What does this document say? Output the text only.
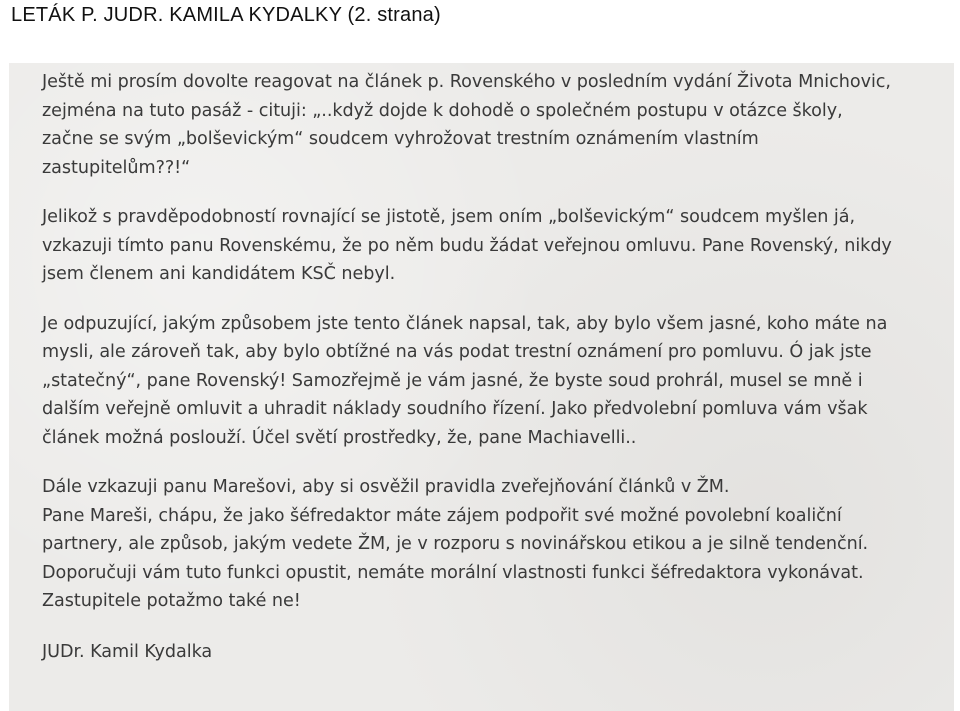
LETÁK P. JUDR. KAMILA KYDALKY (2. strana)

Ještě mi prosím dovolte reagovat na článek p. Rovenského v posledním vydání Života Mnichovic,
zejména na tuto pasáž - cituji: „..když dojde k dohodě o společném postupu v otázce školy,
začne se svým „bolševickým“ soudcem vyhrožovat trestním oznámením vlastním
zastupitelům??!“

Jelikož s pravděpodobností rovnající se jistotě, jsem oním „bolševickým“ soudcem myšlen já,
vzkazuji tímto panu Rovenskému, že po něm budu žádat veřejnou omluvu. Pane Rovenský, nikdy
jsem členem ani kandidátem KSČ nebyl.

Je odpuzující, jakým způsobem jste tento článek napsal, tak, aby bylo všem jasné, koho máte na
mysli, ale zároveň tak, aby bylo obtížné na vás podat trestní oznámení pro pomluvu. Ó jak jste
„statečný“, pane Rovenský! Samozřejmě je vám jasné, že byste soud prohrál, musel se mně i
dalším veřejně omluvit a uhradit náklady soudního řízení. Jako předvolební pomluva vám však
článek možná poslouží. Účel světí prostředky, že, pane Machiavelli..

Dále vzkazuji panu Marešovi, aby si osvěžil pravidla zveřejňování článků v ŽM.
Pane Mareši, chápu, že jako šéfredaktor máte zájem podpořit své možné povolební koaliční
partnery, ale způsob, jakým vedete ŽM, je v rozporu s novinářskou etikou a je silně tendenční.
Doporučuji vám tuto funkci opustit, nemáte morální vlastnosti funkci šéfredaktora vykonávat.
Zastupitele potažmo také ne!

JUDr. Kamil Kydalka
